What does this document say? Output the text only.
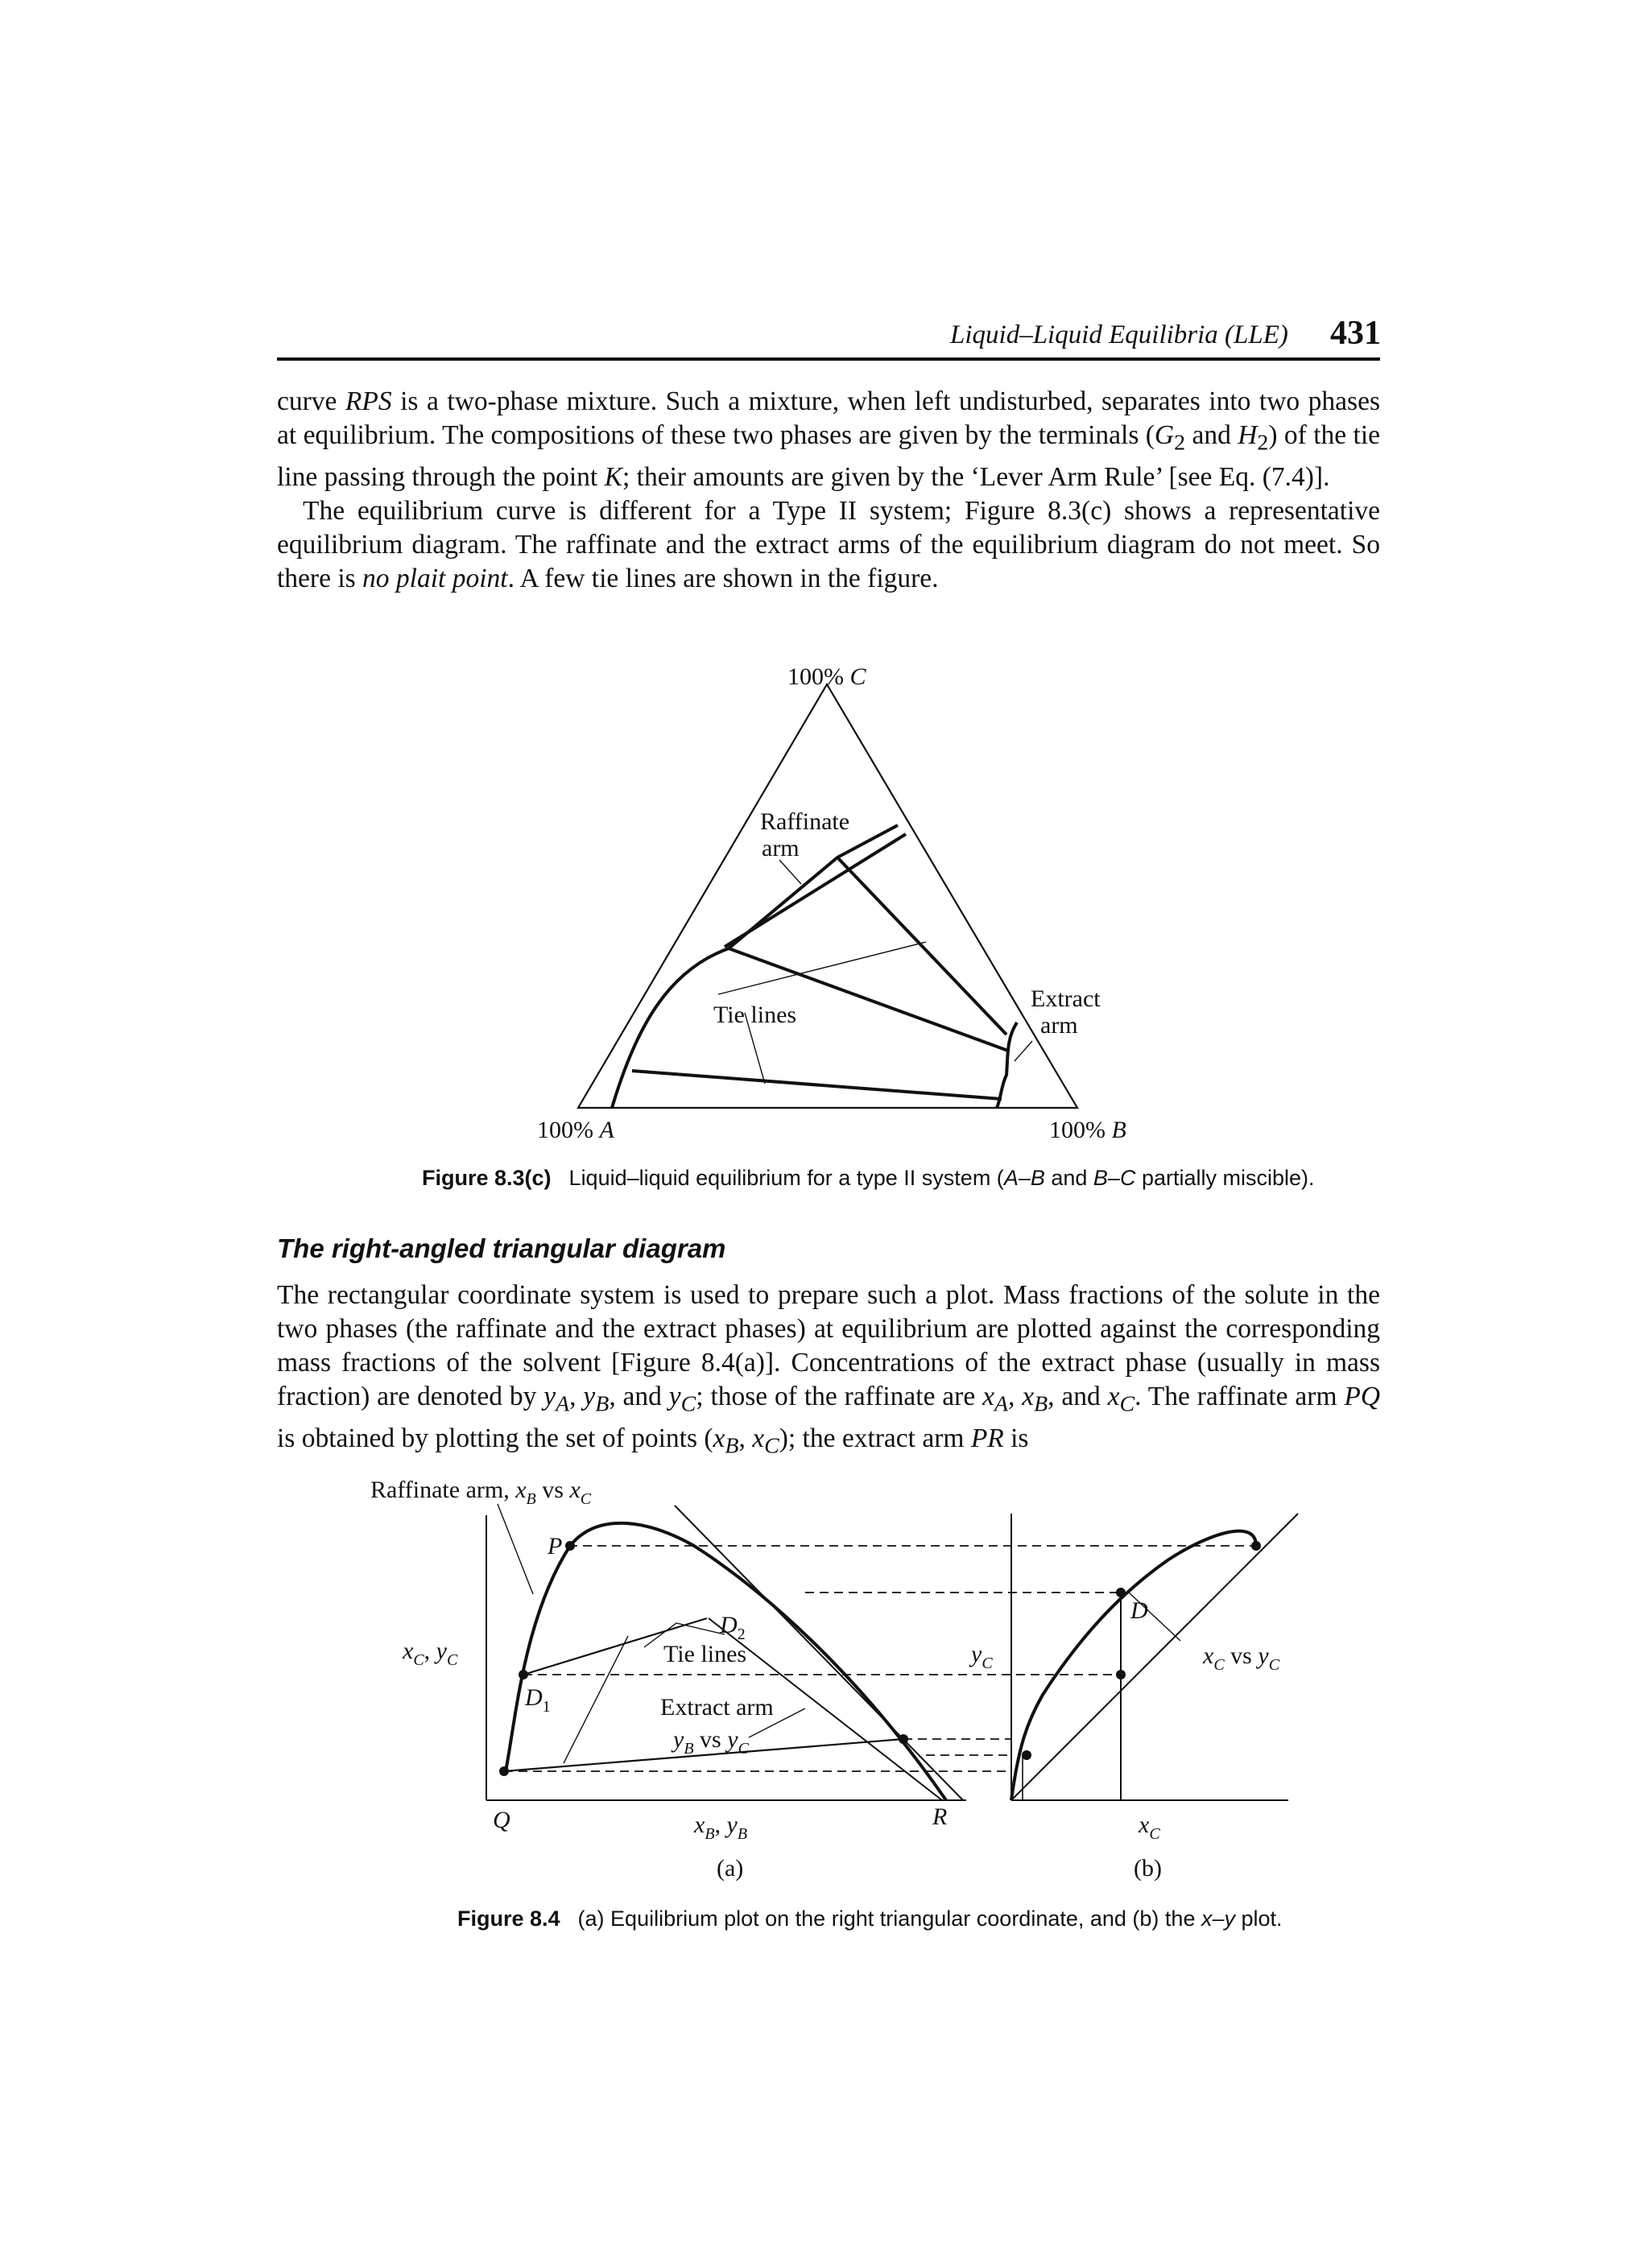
Liquid–Liquid Equilibria (LLE) 431

curve RPS is a two-phase mixture. Such a mixture, when left undisturbed, separates into two phases at equilibrium. The compositions of these two phases are given by the terminals ($G_2$ and $H_2$) of the tie line passing through the point K; their amounts are given by the ‘Lever Arm Rule’ [see Eq. (7.4)].

The equilibrium curve is different for a Type II system; Figure 8.3(c) shows a representative equilibrium diagram. The raffinate and the extract arms of the equilibrium diagram do not meet. So there is no plait point. A few tie lines are shown in the figure.

100% C
100% A	100% B
Raffinate
arm
Tie lines
Extract
arm
Figure 8.3(c) Liquid–liquid equilibrium for a type II system (A–B and B–C partially miscible).
The right-angled triangular diagram

The rectangular coordinate system is used to prepare such a plot. Mass fractions of the solute in the two phases (the raffinate and the extract phases) at equilibrium are plotted against the corresponding mass fractions of the solvent [Figure 8.4(a)]. Concentrations of the extract phase (usually in mass fraction) are denoted by $y_A$, $y_B$, and $y_C$; those of the raffinate are $x_A$, $x_B$, and $x_C$. The raffinate arm PQ is obtained by plotting the set of points ($x_B$, $x_C$); the extract arm PR is

Raffinate arm, $x_B$ vs $x_C$
$x_C$, $y_C$
P
$D_1$
$D_2$
Tie lines
Extract arm
$y_B$ vs $y_C$
Q	R
$x_B$, $y_B$
(a)
$y_C$
D
$x_C$ vs $y_C$
$x_C$
(b)
Figure 8.4 (a) Equilibrium plot on the right triangular coordinate, and (b) the x–y plot.
